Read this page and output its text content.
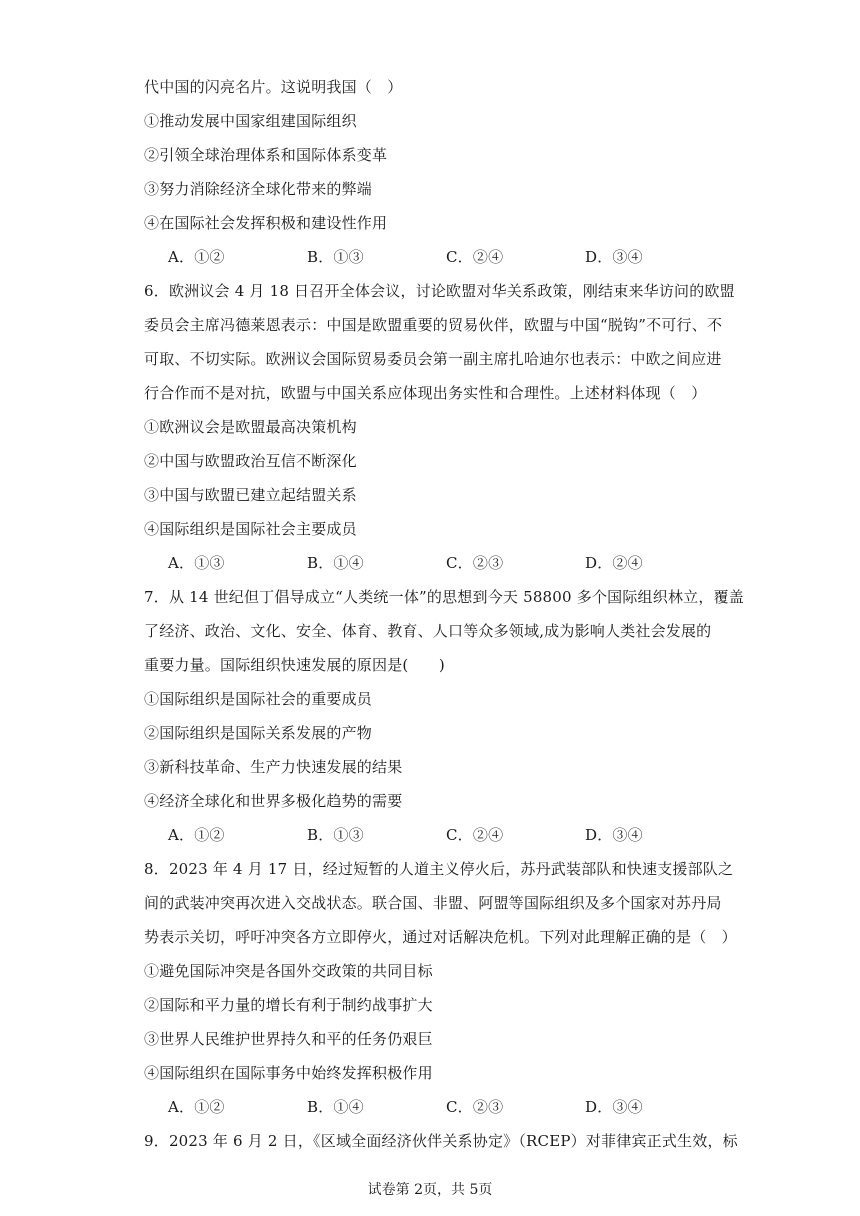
代中国的闪亮名片。这说明我国（　）
①推动发展中国家组建国际组织
②引领全球治理体系和国际体系变革
③努力消除经济全球化带来的弊端
④在国际社会发挥积极和建设性作用
A．①②	B．①③	C．②④	D．③④
6．欧洲议会 4 月 18 日召开全体会议，讨论欧盟对华关系政策，刚结束来华访问的欧盟
委员会主席冯德莱恩表示：中国是欧盟重要的贸易伙伴，欧盟与中国“脱钩”不可行、不
可取、不切实际。欧洲议会国际贸易委员会第一副主席扎哈迪尔也表示：中欧之间应进
行合作而不是对抗，欧盟与中国关系应体现出务实性和合理性。上述材料体现（　）
①欧洲议会是欧盟最高决策机构
②中国与欧盟政治互信不断深化
③中国与欧盟已建立起结盟关系
④国际组织是国际社会主要成员
A．①③	B．①④	C．②③	D．②④
7．从 14 世纪但丁倡导成立“人类统一体”的思想到今天 58800 多个国际组织林立，覆盖
了经济、政治、文化、安全、体育、教育、人口等众多领域,成为影响人类社会发展的
重要力量。国际组织快速发展的原因是(　　)
①国际组织是国际社会的重要成员
②国际组织是国际关系发展的产物
③新科技革命、生产力快速发展的结果
④经济全球化和世界多极化趋势的需要
A．①②	B．①③	C．②④	D．③④
8．2023 年 4 月 17 日，经过短暂的人道主义停火后，苏丹武装部队和快速支援部队之
间的武装冲突再次进入交战状态。联合国、非盟、阿盟等国际组织及多个国家对苏丹局
势表示关切，呼吁冲突各方立即停火，通过对话解决危机。下列对此理解正确的是（　）
①避免国际冲突是各国外交政策的共同目标
②国际和平力量的增长有利于制约战事扩大
③世界人民维护世界持久和平的任务仍艰巨
④国际组织在国际事务中始终发挥积极作用
A．①②	B．①④	C．②③	D．③④
9．2023 年 6 月 2 日，《区域全面经济伙伴关系协定》（RCEP）对菲律宾正式生效，标
试卷第 2页，共 5页
